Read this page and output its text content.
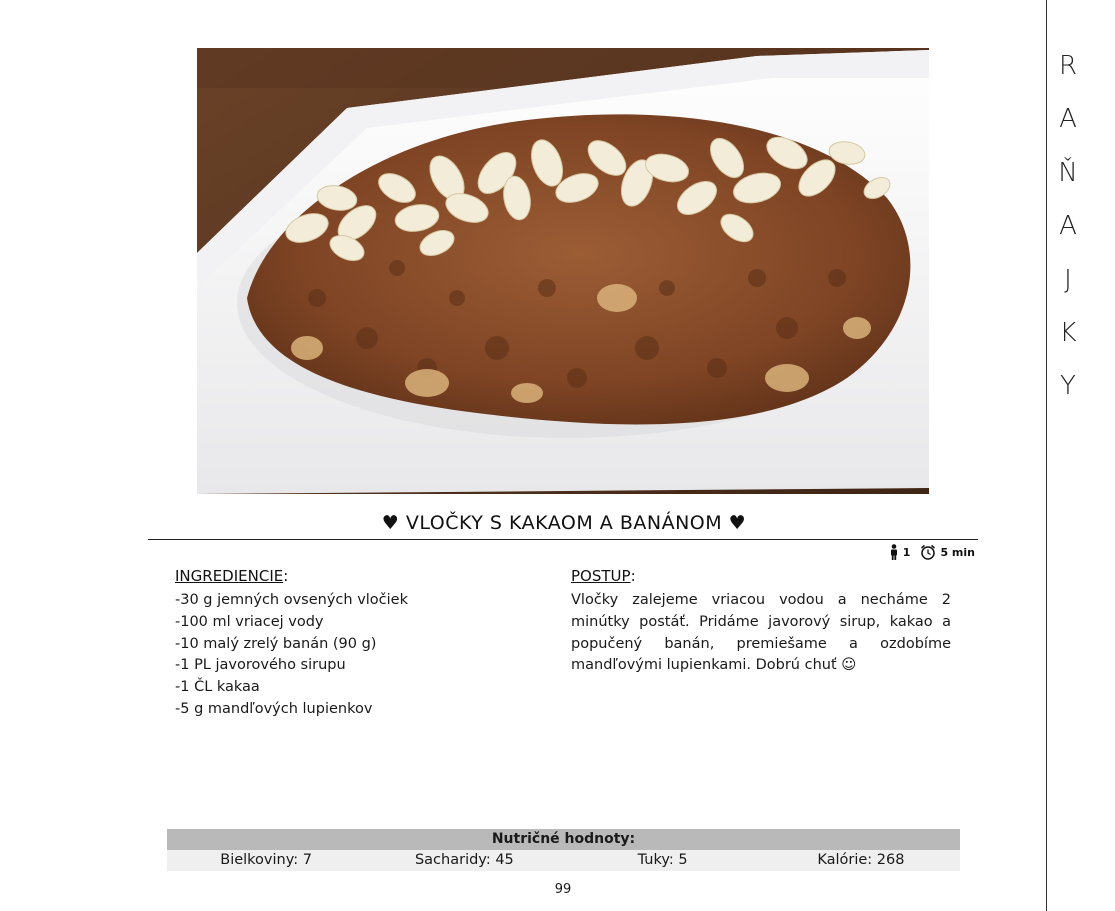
♥ VLOČKY S KAKAOM A BANÁNOM ♥
1	5 min
INGREDIENCIE:
-30 g jemných ovsených vločiek
-100 ml vriacej vody
-10 malý zrelý banán (90 g)
-1 PL javorového sirupu
-1 ČL kakaa
-5 g mandľových lupienkov
POSTUP:
Vločky zalejeme vriacou vodou a necháme 2 minútky postáť. Pridáme javorový sirup, kakao a popučený banán, premiešame a ozdobíme mandľovými lupienkami. Dobrú chuť ☺
Nutričné hodnoty:
Bielkoviny: 7	Sacharidy: 45	Tuky: 5	Kalórie: 268
99
R
A
Ň
A
J
K
Y
